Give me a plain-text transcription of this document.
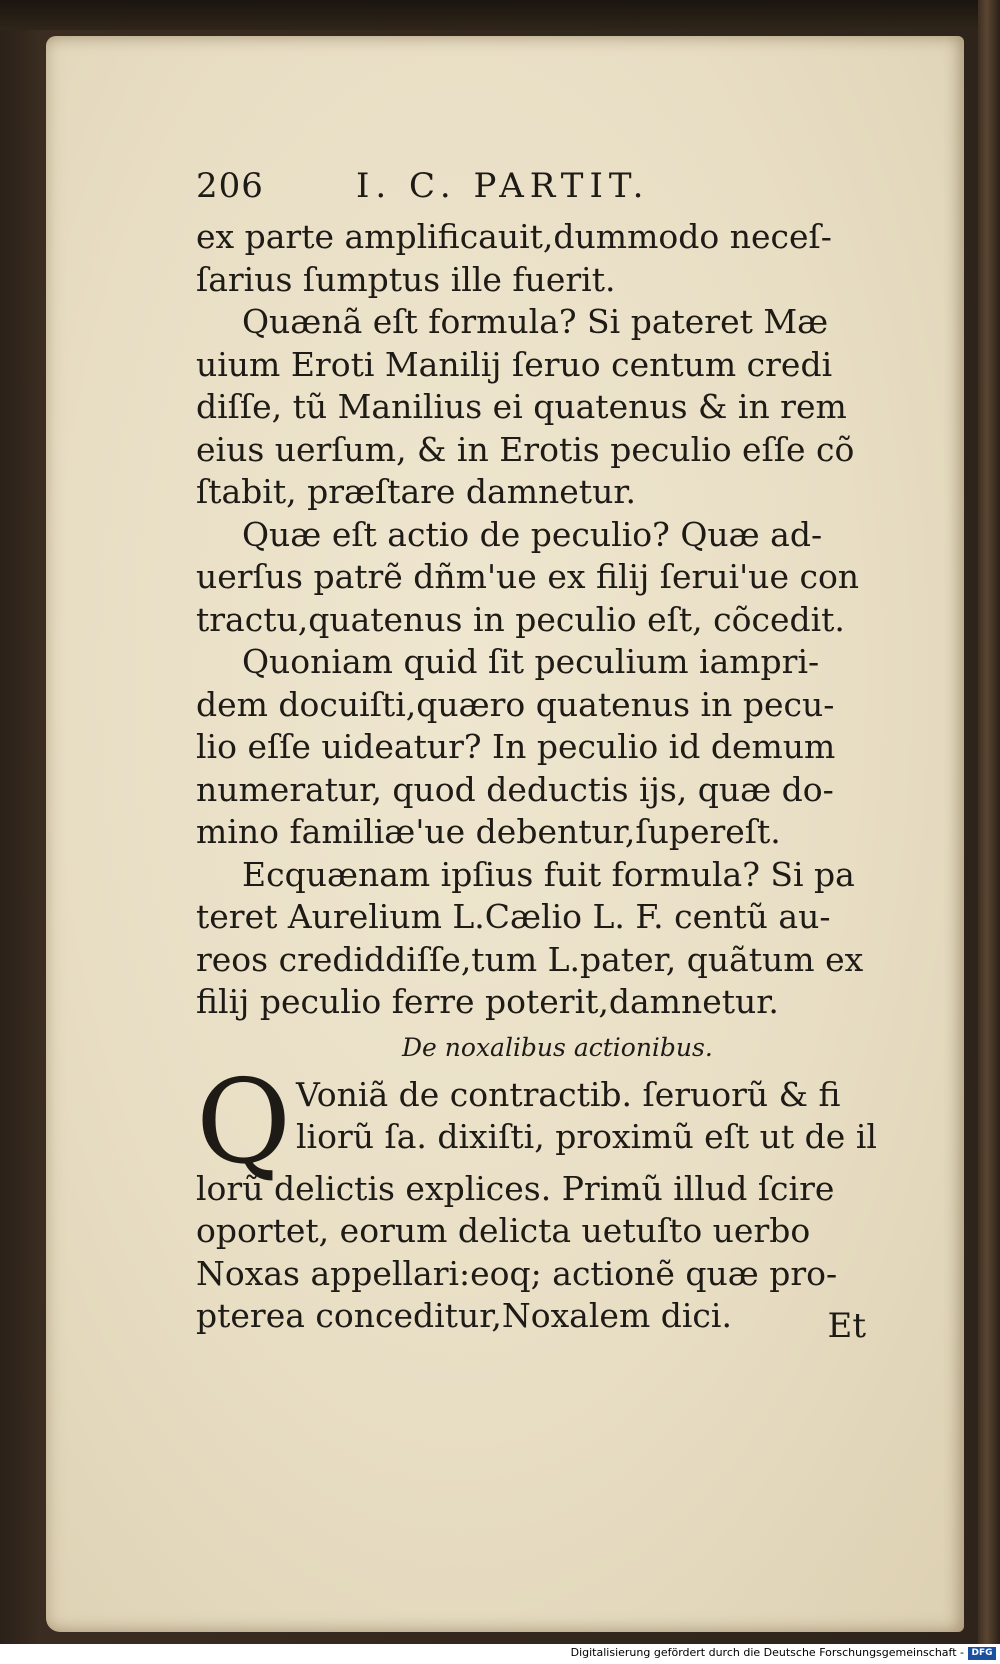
206	I. C. PARTIT.
ex parte amplificauit,dummodo neceſ-
ſarius ſumptus ille fuerit.
Quænã eſt formula? Si pateret Mæ
uium Eroti Manilij ſeruo centum credi
diſſe, tũ Manilius ei quatenus & in rem
eius uerſum, & in Erotis peculio eſſe cõ
ſtabit, præſtare damnetur.
Quæ eſt actio de peculio? Quæ ad-
uerſus patrẽ dñm'ue ex filij ſerui'ue con
tractu,quatenus in peculio eſt, cõcedit.
Quoniam quid ſit peculium iampri-
dem docuiſti,quæro quatenus in pecu-
lio eſſe uideatur? In peculio id demum
numeratur, quod deductis ijs, quæ do-
mino familiæ'ue debentur,ſupereſt.
Ecquænam ipſius fuit formula? Si pa
teret Aurelium L.Cælio L. F. centũ au-
reos crediddiſſe,tum L.pater, quãtum ex
filij peculio ferre poterit,damnetur.
De noxalibus actionibus.
Q Voniã de contractib. ſeruorũ & fi
liorũ ſa. dixiſti, proximũ eſt ut de il
lorũ delictis explices. Primũ illud ſcire
oportet, eorum delicta uetuſto uerbo
Noxas appellari:eoq; actionẽ quæ pro-
pterea conceditur,Noxalem dici.	Et
Digitalisierung gefördert durch die Deutsche Forschungsgemeinschaft - DFG
